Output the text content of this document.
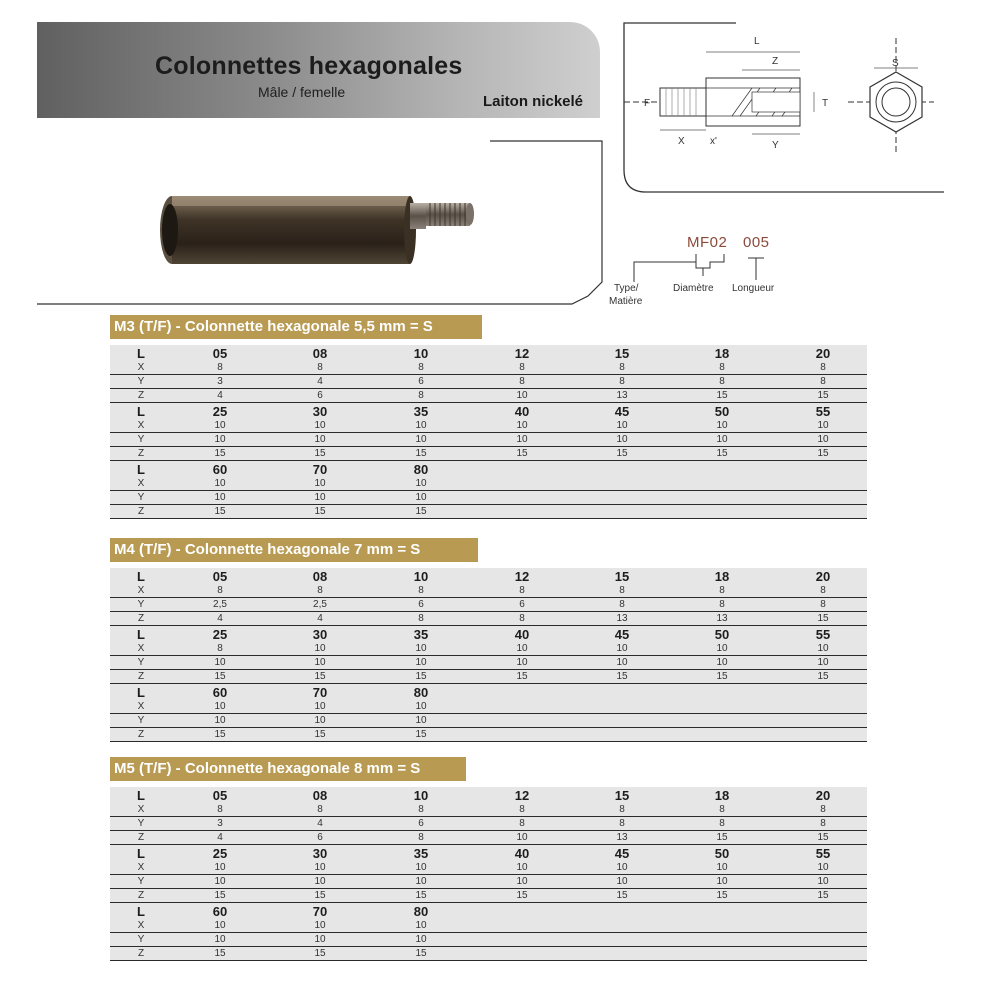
Colonnettes hexagonales
Mâle / femelle
Laiton nickelé
L
Z	S
F	T
X	x'	Y
MF02 005
Type/
Matière
Diamètre Longueur
M3 (T/F) - Colonnette hexagonale 5,5 mm = S
L	05	08	10	12	15	18	20
X	8	8	8	8	8	8	8
Y	3	4	6	8	8	8	8
Z	4	6	8	10	13	15	15
L	25	30	35	40	45	50	55
X	10	10	10	10	10	10	10
Y	10	10	10	10	10	10	10
Z	15	15	15	15	15	15	15
L	60	70	80
X	10	10	10
Y	10	10	10
Z	15	15	15
M4 (T/F) - Colonnette hexagonale 7 mm = S
L	05	08	10	12	15	18	20
X	8	8	8	8	8	8	8
Y	2,5	2,5	6	6	8	8	8
Z	4	4	8	8	13	13	15
L	25	30	35	40	45	50	55
X	8	10	10	10	10	10	10
Y	10	10	10	10	10	10	10
Z	15	15	15	15	15	15	15
L	60	70	80
X	10	10	10
Y	10	10	10
Z	15	15	15
M5 (T/F) - Colonnette hexagonale 8 mm = S
L	05	08	10	12	15	18	20
X	8	8	8	8	8	8	8
Y	3	4	6	8	8	8	8
Z	4	6	8	10	13	15	15
L	25	30	35	40	45	50	55
X	10	10	10	10	10	10	10
Y	10	10	10	10	10	10	10
Z	15	15	15	15	15	15	15
L	60	70	80
X	10	10	10
Y	10	10	10
Z	15	15	15
